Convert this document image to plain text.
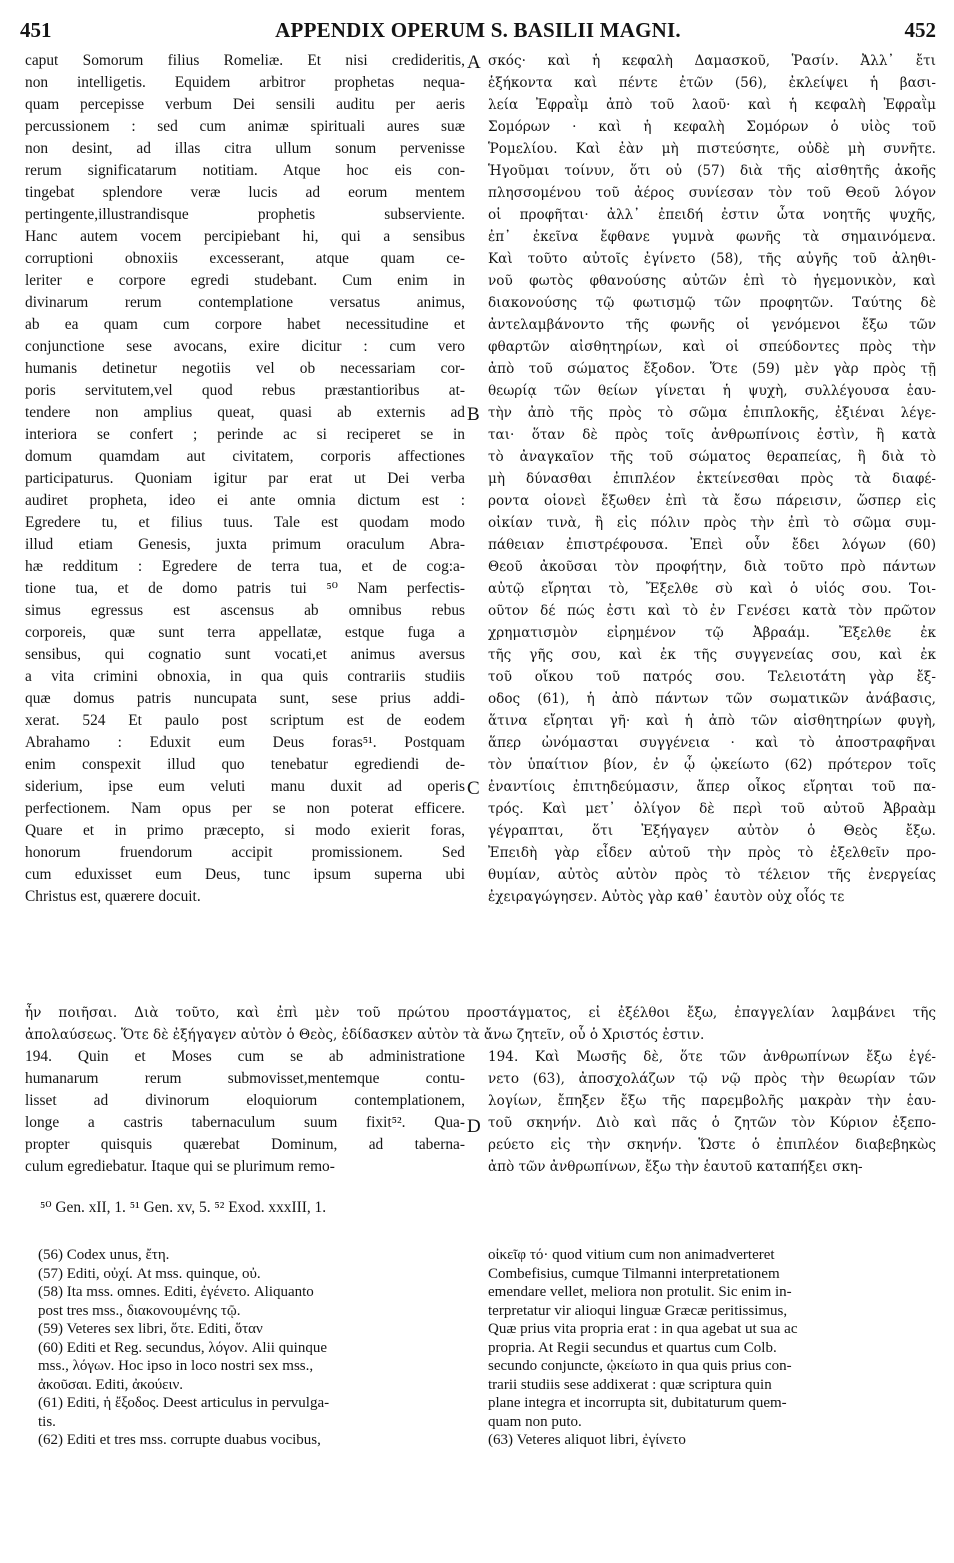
451	APPENDIX OPERUM S. BASILII MAGNI.	452
caput Somorum filius Romeliæ. Et nisi credideritis,
non intelligetis. Equidem arbitror prophetas nequa-
quam percepisse verbum Dei sensili auditu per aeris
percussionem : sed cum animæ spirituali aures suæ
non desint, ad illas citra ullum sonum pervenisse
rerum significatarum notitiam. Atque hoc eis con-
tingebat splendore veræ lucis ad eorum mentem
pertingente,illustrandisque prophetis subserviente.
Hanc autem vocem percipiebant hi, qui a sensibus
corruptioni obnoxiis excesserant, atque quam ce-
leriter e corpore egredi studebant. Cum enim in
divinarum rerum contemplatione versatus animus,
ab ea quam cum corpore habet necessitudine et
conjunctione sese avocans, exire dicitur : cum vero
humanis detinetur negotiis vel ob necessariam cor-
poris servitutem,vel quod rebus præstantioribus at-
tendere non amplius queat, quasi ab externis ad
interiora se confert ; perinde ac si reciperet se in
domum quamdam aut civitatem, corporis affectiones
participaturus. Quoniam igitur par erat ut Dei verba
audiret propheta, ideo ei ante omnia dictum est :
Egredere tu, et filius tuus. Tale est quodam modo
illud etiam Genesis, juxta primum oraculum Abra-
hæ redditum : Egredere de terra tua, et de cog:a-
tione tua, et de domo patris tui ⁵⁰ Nam perfectis-
simus egressus est ascensus ab omnibus rebus
corporeis, quæ sunt terra appellatæ, estque fuga a
sensibus, qui cognatio sunt vocati,et animus aversus
a vita crimini obnoxia, in qua quis contrariis studiis
quæ domus patris nuncupata sunt, sese prius addi-
xerat. 524 Et paulo post scriptum est de eodem
Abrahamo : Eduxit eum Deus foras⁵¹. Postquam
enim conspexit illud quo tenebatur egrediendi de-
siderium, ipse eum veluti manu duxit ad operis
perfectionem. Nam opus per se non poterat efficere.
Quare et in primo præcepto, si modo exierit foras,
honorum fruendorum accipit promissionem. Sed
cum eduxisset eum Deus, tunc ipsum superna ubi
Christus est, quærere docuit.
σκός· καὶ ἡ κεφαλὴ Δαμασκοῦ, Ῥασίν. Ἀλλ᾽ ἔτι
ἑξήκοντα καὶ πέντε ἐτῶν (56), ἐκλείψει ἡ βασι-
λεία Ἐφραῒμ ἀπὸ τοῦ λαοῦ· καὶ ἡ κεφαλὴ Ἐφραῒμ
Σομόρων · καὶ ἡ κεφαλὴ Σομόρων ὁ υἱὸς τοῦ
Ῥομελίου. Καὶ ἐὰν μὴ πιστεύσητε, οὐδὲ μὴ συνῆτε.
Ἡγοῦμαι τοίνυν, ὅτι οὐ (57) διὰ τῆς αἰσθητῆς ἀκοῆς
πλησσομένου τοῦ ἀέρος συνίεσαν τὸν τοῦ Θεοῦ λόγον
οἱ προφῆται· ἀλλ᾽ ἐπειδή ἐστιν ὦτα νοητῆς ψυχῆς,
ἐπ᾽ ἐκεῖνα ἔφθανε γυμνὰ φωνῆς τὰ σημαινόμενα.
Καὶ τοῦτο αὐτοῖς ἐγίνετο (58), τῆς αὐγῆς τοῦ ἀληθι-
νοῦ φωτὸς φθανούσης αὐτῶν ἐπὶ τὸ ἡγεμονικὸν, καὶ
διακονούσης τῷ φωτισμῷ τῶν προφητῶν. Ταύτης δὲ
ἀντελαμβάνοντο τῆς φωνῆς οἱ γενόμενοι ἔξω τῶν
φθαρτῶν αἰσθητηρίων, καὶ οἱ σπεύδοντες πρὸς τὴν
ἀπὸ τοῦ σώματος ἔξοδον. Ὅτε (59) μὲν γὰρ πρὸς τῇ
θεωρίᾳ τῶν θείων γίνεται ἡ ψυχὴ, συλλέγουσα ἑαυ-
τὴν ἀπὸ τῆς πρὸς τὸ σῶμα ἐπιπλοκῆς, ἐξιέναι λέγε-
ται· ὅταν δὲ πρὸς τοῖς ἀνθρωπίνοις ἐστὶν, ἢ κατὰ
τὸ ἀναγκαῖον τῆς τοῦ σώματος θεραπείας, ἢ διὰ τὸ
μὴ δύνασθαι ἐπιπλέον ἐκτείνεσθαι πρὸς τὰ διαφέ-
ροντα οἱονεὶ ἔξωθεν ἐπὶ τὰ ἔσω πάρεισιν, ὥσπερ εἰς
οἰκίαν τινὰ, ἢ εἰς πόλιν πρὸς τὴν ἐπὶ τὸ σῶμα συμ-
πάθειαν ἐπιστρέφουσα. Ἐπεὶ οὖν ἔδει λόγων (60)
Θεοῦ ἀκοῦσαι τὸν προφήτην, διὰ τοῦτο πρὸ πάντων
αὐτῷ εἴρηται τὸ, Ἔξελθε σὺ καὶ ὁ υἱός σου. Τοι-
οῦτον δέ πώς ἐστι καὶ τὸ ἐν Γενέσει κατὰ τὸν πρῶτον
χρηματισμὸν εἰρημένον τῷ Ἀβραάμ. Ἔξελθε ἐκ
τῆς γῆς σου, καὶ ἐκ τῆς συγγενείας σου, καὶ ἐκ
τοῦ οἴκου τοῦ πατρός σου. Τελειοτάτη γὰρ ἔξ-
οδος (61), ἡ ἀπὸ πάντων τῶν σωματικῶν ἀνάβασις,
ἅτινα εἴρηται γῆ· καὶ ἡ ἀπὸ τῶν αἰσθητηρίων φυγὴ,
ἅπερ ὠνόμασται συγγένεια · καὶ τὸ ἀποστραφῆναι
τὸν ὑπαίτιον βίον, ἐν ᾧ ᾠκείωτο (62) πρότερον τοῖς
ἐναντίοις ἐπιτηδεύμασιν, ἅπερ οἶκος εἴρηται τοῦ πα-
τρός. Καὶ μετ᾽ ὀλίγον δὲ περὶ τοῦ αὐτοῦ Ἀβραὰμ
γέγραπται, ὅτι Ἐξήγαγεν αὐτὸν ὁ Θεὸς ἔξω.
Ἐπειδὴ γὰρ εἶδεν αὐτοῦ τὴν πρὸς τὸ ἐξελθεῖν προ-
θυμίαν, αὐτὸς αὐτὸν πρὸς τὸ τέλειον τῆς ἐνεργείας
ἐχειραγώγησεν. Αὐτὸς γὰρ καθ᾽ ἑαυτὸν οὐχ οἷός τε
A
B
C
D
ἦν ποιῆσαι. Διὰ τοῦτο, καὶ ἐπὶ μὲν τοῦ πρώτου προστάγματος, εἰ ἐξέλθοι ἔξω, ἐπαγγελίαν λαμβάνει τῆς
ἀπολαύσεως. Ὅτε δὲ ἐξήγαγεν αὐτὸν ὁ Θεὸς, ἐδίδασκεν αὐτὸν τὰ ἄνω ζητεῖν, οὗ ὁ Χριστός ἐστιν.
194. Quin et Moses cum se ab administratione
humanarum rerum submovisset,mentemque contu-
lisset ad divinorum eloquiorum contemplationem,
longe a castris tabernaculum suum fixit⁵². Qua-
propter quisquis quærebat Dominum, ad taberna-
culum egrediebatur. Itaque qui se plurimum remo-
194. Καὶ Μωσῆς δὲ, ὅτε τῶν ἀνθρωπίνων ἔξω ἐγέ-
νετο (63), ἀποσχολάζων τῷ νῷ πρὸς τὴν θεωρίαν τῶν
λογίων, ἔπηξεν ἔξω τῆς παρεμβολῆς μακρὰν τὴν ἑαυ-
τοῦ σκηνήν. Διὸ καὶ πᾶς ὁ ζητῶν τὸν Κύριον ἐξεπο-
ρεύετο εἰς τὴν σκηνήν. Ὥστε ὁ ἐπιπλέον διαβεβηκὼς
ἀπὸ τῶν ἀνθρωπίνων, ἔξω τὴν ἑαυτοῦ καταπήξει σκη-
⁵⁰ Gen. xII, 1. ⁵¹ Gen. xv, 5. ⁵² Exod. xxxIII, 1.
(56) Codex unus, ἔτη.
(57) Editi, οὐχί. At mss. quinque, οὐ.
(58) Ita mss. omnes. Editi, ἐγένετο. Aliquanto
post tres mss., διακονουμένης τῷ.
(59) Veteres sex libri, ὅτε. Editi, ὅταν
(60) Editi et Reg. secundus, λόγον. Alii quinque
mss., λόγων. Hoc ipso in loco nostri sex mss.,
ἀκοῦσαι. Editi, ἀκούειν.
(61) Editi, ἡ ἔξοδος. Deest articulus in pervulga-
tis.
(62) Editi et tres mss. corrupte duabus vocibus,
οἰκεῖφ τό· quod vitium cum non animadverteret
Combefisius, cumque Tilmanni interpretationem
emendare vellet, meliora non protulit. Sic enim in-
terpretatur vir alioqui linguæ Græcæ peritissimus,
Quæ prius vita propria erat : in qua agebat ut sua ac
propria. At Regii secundus et quartus cum Colb.
secundo conjuncte, ᾠκείωτο in qua quis prius con-
trarii studiis sese addixerat : quæ scriptura quin
plane integra et incorrupta sit, dubitaturum quem-
quam non puto.
(63) Veteres aliquot libri, ἐγίνετο
